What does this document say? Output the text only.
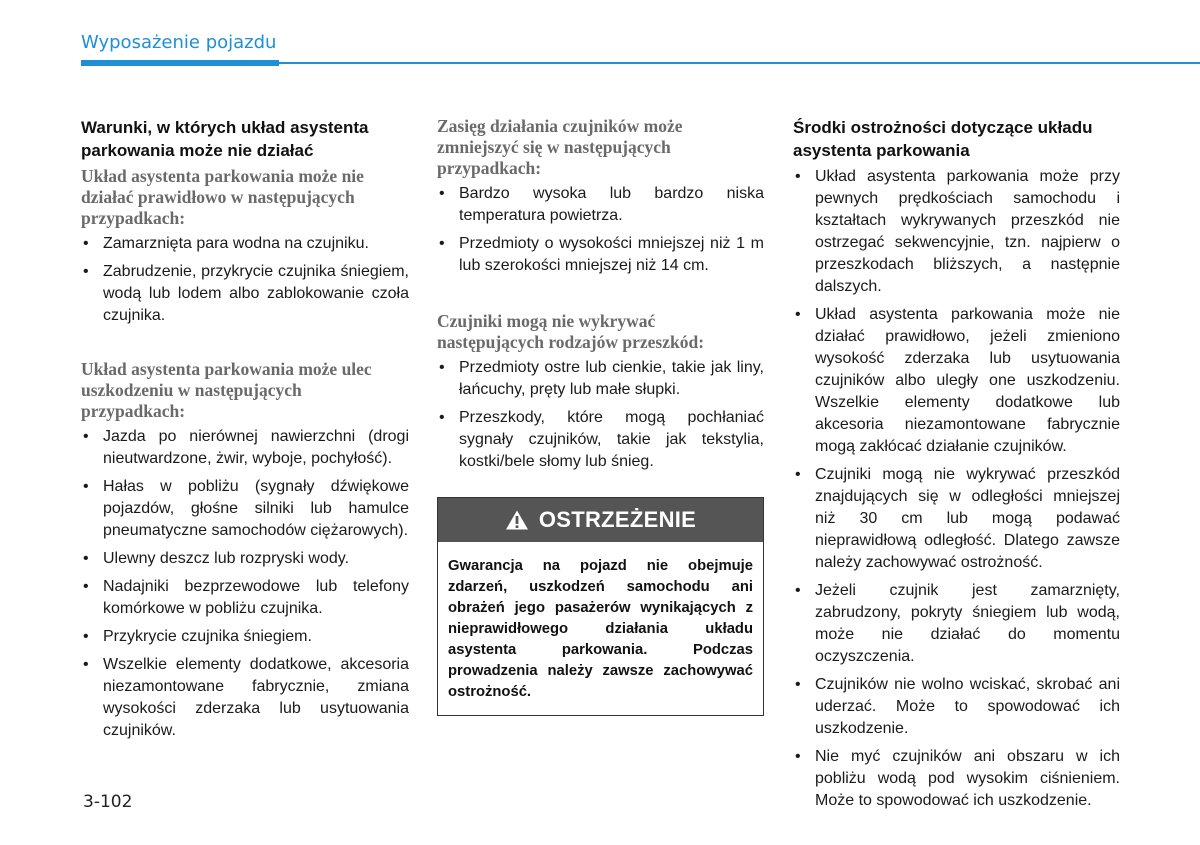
Wyposażenie pojazdu
Warunki, w których układ asystenta parkowania może nie działać
Układ asystenta parkowania może nie działać prawidłowo w następujących przypadkach:
• Zamarznięta para wodna na czujniku.
• Zabrudzenie, przykrycie czujnika śniegiem, wodą lub lodem albo zablokowanie czoła czujnika.
Układ asystenta parkowania może ulec uszkodzeniu w następujących przypadkach:
• Jazda po nierównej nawierzchni (drogi nieutwardzone, żwir, wyboje, pochyłość).
• Hałas w pobliżu (sygnały dźwiękowe pojazdów, głośne silniki lub hamulce pneumatyczne samochodów ciężarowych).
• Ulewny deszcz lub rozpryski wody.
• Nadajniki bezprzewodowe lub telefony komórkowe w pobliżu czujnika.
• Przykrycie czujnika śniegiem.
• Wszelkie elementy dodatkowe, akcesoria niezamontowane fabrycznie, zmiana wysokości zderzaka lub usytuowania czujników.
Zasięg działania czujników może zmniejszyć się w następujących przypadkach:
• Bardzo wysoka lub bardzo niska temperatura powietrza.
• Przedmioty o wysokości mniejszej niż 1 m lub szerokości mniejszej niż 14 cm.
Czujniki mogą nie wykrywać następujących rodzajów przeszkód:
• Przedmioty ostre lub cienkie, takie jak liny, łańcuchy, pręty lub małe słupki.
• Przeszkody, które mogą pochłaniać sygnały czujników, takie jak tekstylia, kostki/bele słomy lub śnieg.
OSTRZEŻENIE
Gwarancja na pojazd nie obejmuje zdarzeń, uszkodzeń samochodu ani obrażeń jego pasażerów wynikających z nieprawidłowego działania układu asystenta parkowania. Podczas prowadzenia należy zawsze zachowywać ostrożność.
Środki ostrożności dotyczące układu asystenta parkowania
• Układ asystenta parkowania może przy pewnych prędkościach samochodu i kształtach wykrywanych przeszkód nie ostrzegać sekwencyjnie, tzn. najpierw o przeszkodach bliższych, a następnie dalszych.
• Układ asystenta parkowania może nie działać prawidłowo, jeżeli zmieniono wysokość zderzaka lub usytuowania czujników albo uległy one uszkodzeniu. Wszelkie elementy dodatkowe lub akcesoria niezamontowane fabrycznie mogą zakłócać działanie czujników.
• Czujniki mogą nie wykrywać przeszkód znajdujących się w odległości mniejszej niż 30 cm lub mogą podawać nieprawidłową odległość. Dlatego zawsze należy zachowywać ostrożność.
• Jeżeli czujnik jest zamarznięty, zabrudzony, pokryty śniegiem lub wodą, może nie działać do momentu oczyszczenia.
• Czujników nie wolno wciskać, skrobać ani uderzać. Może to spowodować ich uszkodzenie.
• Nie myć czujników ani obszaru w ich pobliżu wodą pod wysokim ciśnieniem. Może to spowodować ich uszkodzenie.
3-102
